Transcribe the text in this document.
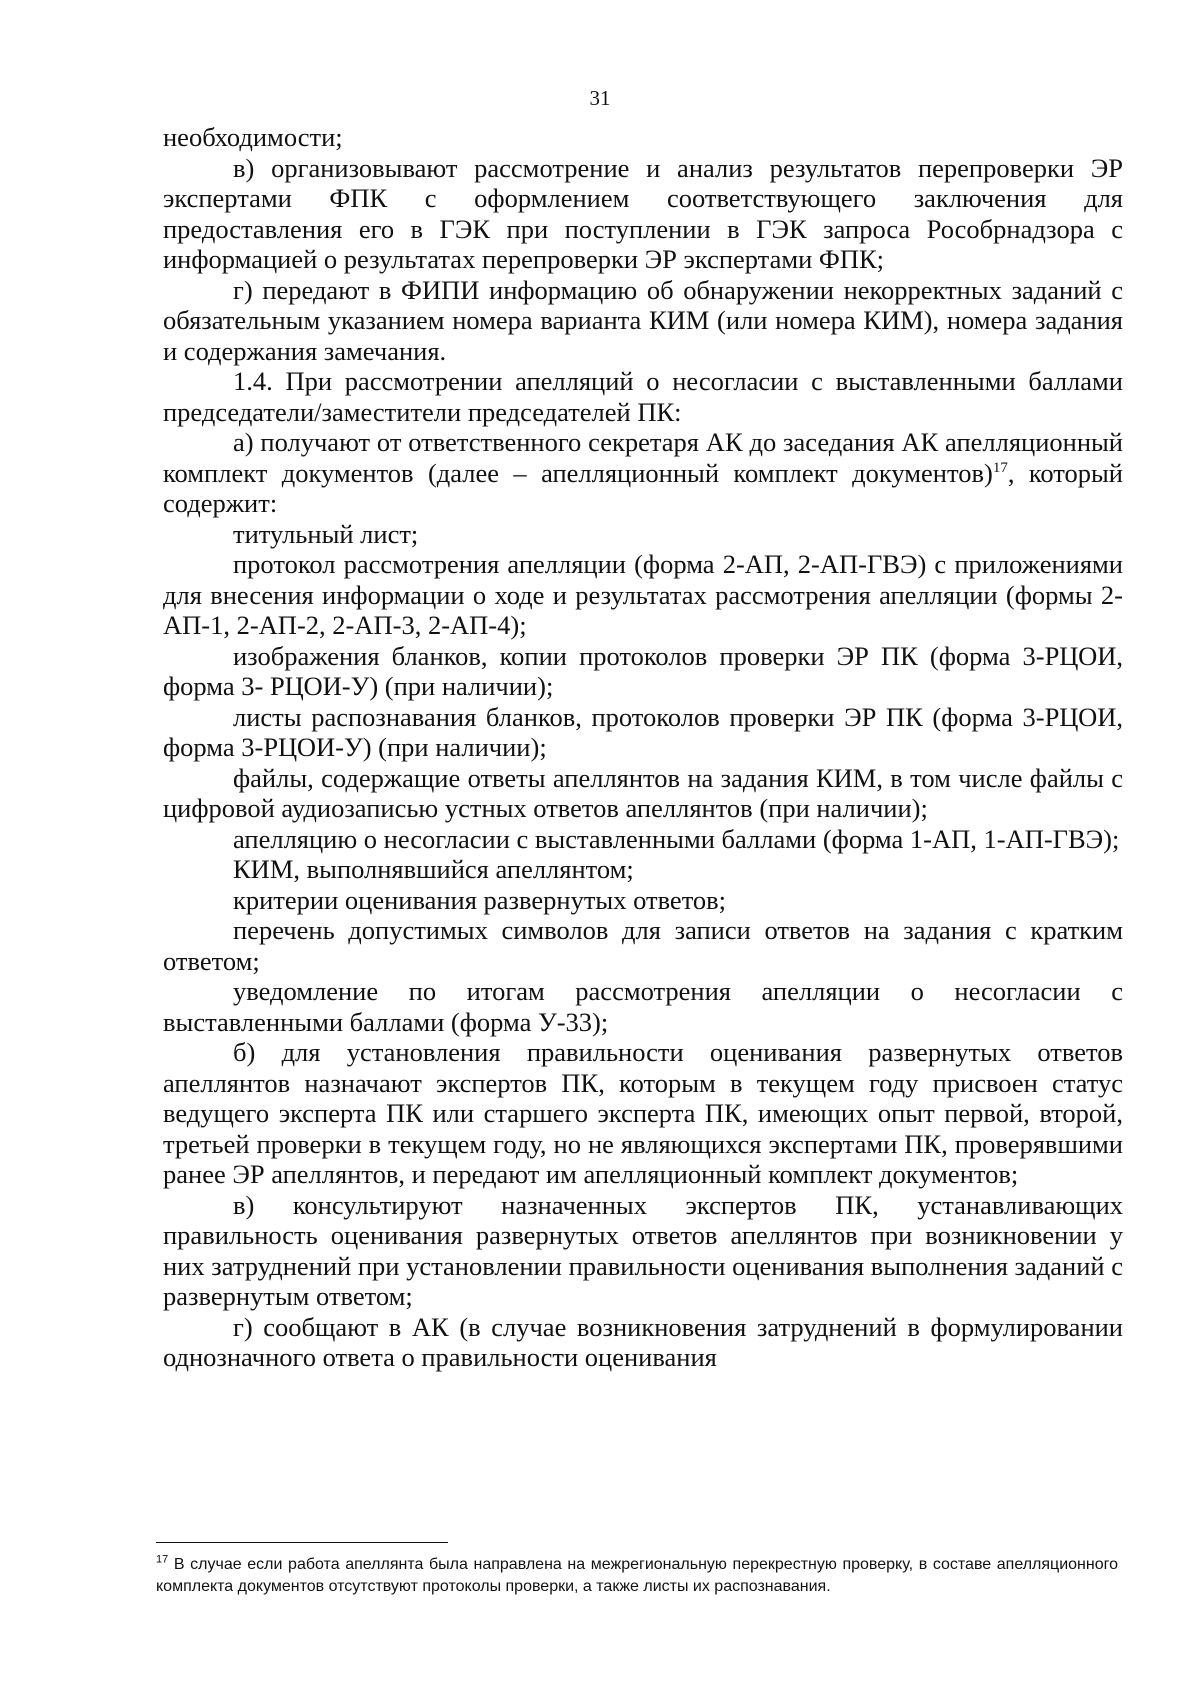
31

необходимости;

в) организовывают рассмотрение и анализ результатов перепроверки ЭР экспертами ФПК с оформлением соответствующего заключения для предоставления его в ГЭК при поступлении в ГЭК запроса Рособрнадзора с информацией о результатах перепроверки ЭР экспертами ФПК;

г) передают в ФИПИ информацию об обнаружении некорректных заданий с обязательным указанием номера варианта КИМ (или номера КИМ), номера задания и содержания замечания.

1.4. При рассмотрении апелляций о несогласии с выставленными баллами председатели/заместители председателей ПК:

а) получают от ответственного секретаря АК до заседания АК апелляционный комплект документов (далее – апелляционный комплект документов)$^{17}$, который содержит:

титульный лист;

протокол рассмотрения апелляции (форма 2-АП, 2-АП-ГВЭ) с приложениями для внесения информации о ходе и результатах рассмотрения апелляции (формы 2-АП-1, 2-АП-2, 2-АП-3, 2-АП-4);

изображения бланков, копии протоколов проверки ЭР ПК (форма 3-РЦОИ, форма 3- РЦОИ-У) (при наличии);

листы распознавания бланков, протоколов проверки ЭР ПК (форма 3-РЦОИ, форма 3-РЦОИ-У) (при наличии);

файлы, содержащие ответы апеллянтов на задания КИМ, в том числе файлы с цифровой аудиозаписью устных ответов апеллянтов (при наличии);

апелляцию о несогласии с выставленными баллами (форма 1-АП, 1-АП-ГВЭ);

КИМ, выполнявшийся апеллянтом;

критерии оценивания развернутых ответов;

перечень допустимых символов для записи ответов на задания с кратким ответом;

уведомление по итогам рассмотрения апелляции о несогласии с выставленными баллами (форма У-33);

б) для установления правильности оценивания развернутых ответов апеллянтов назначают экспертов ПК, которым в текущем году присвоен статус ведущего эксперта ПК или старшего эксперта ПК, имеющих опыт первой, второй, третьей проверки в текущем году, но не являющихся экспертами ПК, проверявшими ранее ЭР апеллянтов, и передают им апелляционный комплект документов;

в) консультируют назначенных экспертов ПК, устанавливающих правильность оценивания развернутых ответов апеллянтов при возникновении у них затруднений при установлении правильности оценивания выполнения заданий с развернутым ответом;

г) сообщают в АК (в случае возникновения затруднений в формулировании однозначного ответа о правильности оценивания

$^{17}$ В случае если работа апеллянта была направлена на межрегиональную перекрестную проверку, в составе апелляционного комплекта документов отсутствуют протоколы проверки, а также листы их распознавания.
